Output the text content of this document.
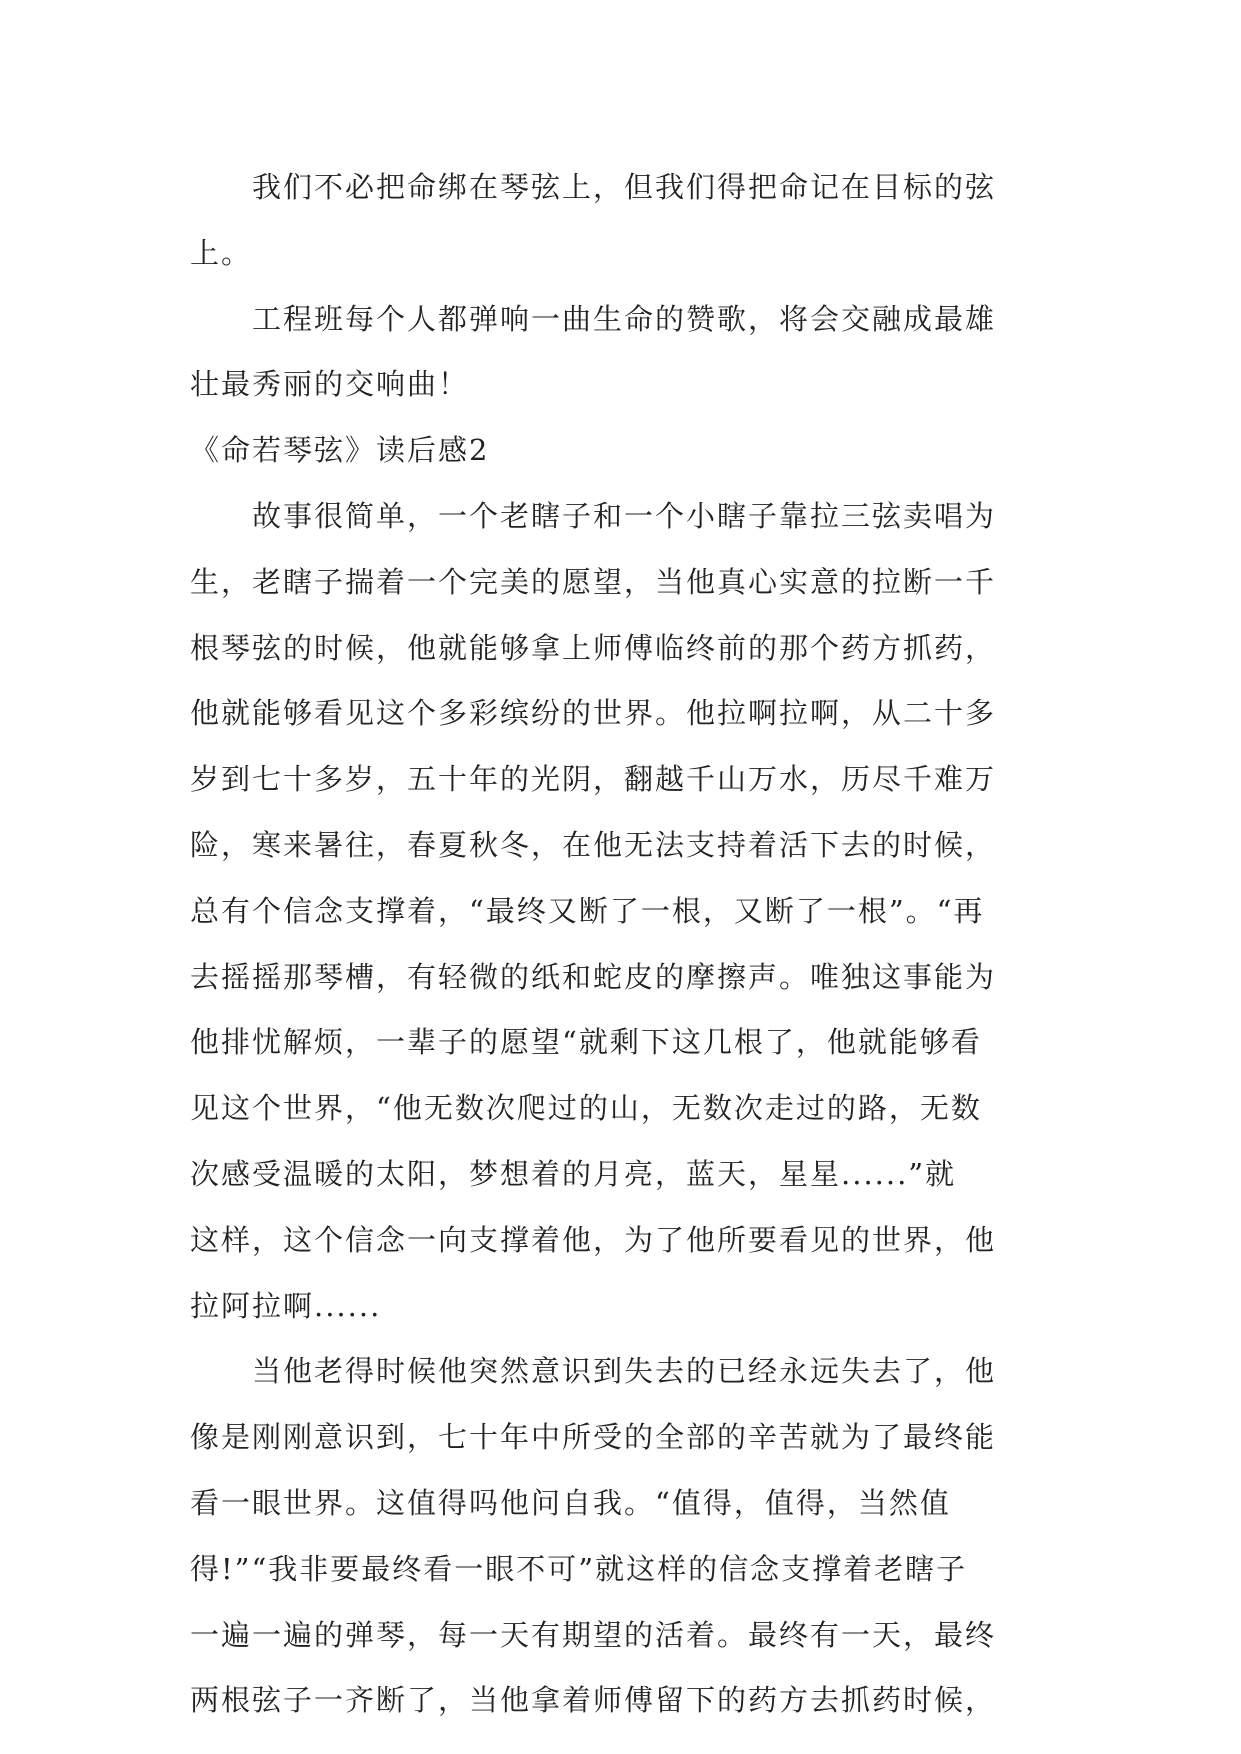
　　我们不必把命绑在琴弦上，但我们得把命记在目标的弦
上。
　　工程班每个人都弹响一曲生命的赞歌，将会交融成最雄
壮最秀丽的交响曲！
《命若琴弦》读后感2
　　故事很简单，一个老瞎子和一个小瞎子靠拉三弦卖唱为
生，老瞎子揣着一个完美的愿望，当他真心实意的拉断一千
根琴弦的时候，他就能够拿上师傅临终前的那个药方抓药，
他就能够看见这个多彩缤纷的世界。他拉啊拉啊，从二十多
岁到七十多岁，五十年的光阴，翻越千山万水，历尽千难万
险，寒来暑往，春夏秋冬，在他无法支持着活下去的时候，
总有个信念支撑着，“最终又断了一根，又断了一根”。“再
去摇摇那琴槽，有轻微的纸和蛇皮的摩擦声。唯独这事能为
他排忧解烦，一辈子的愿望“就剩下这几根了，他就能够看
见这个世界，“他无数次爬过的山，无数次走过的路，无数
次感受温暖的太阳，梦想着的月亮，蓝天，星星......”就
这样，这个信念一向支撑着他，为了他所要看见的世界，他
拉阿拉啊......
　　当他老得时候他突然意识到失去的已经永远失去了，他
像是刚刚意识到，七十年中所受的全部的辛苦就为了最终能
看一眼世界。这值得吗他问自我。“值得，值得，当然值
得!”“我非要最终看一眼不可”就这样的信念支撑着老瞎子
一遍一遍的弹琴，每一天有期望的活着。最终有一天，最终
两根弦子一齐断了，当他拿着师傅留下的药方去抓药时候，
